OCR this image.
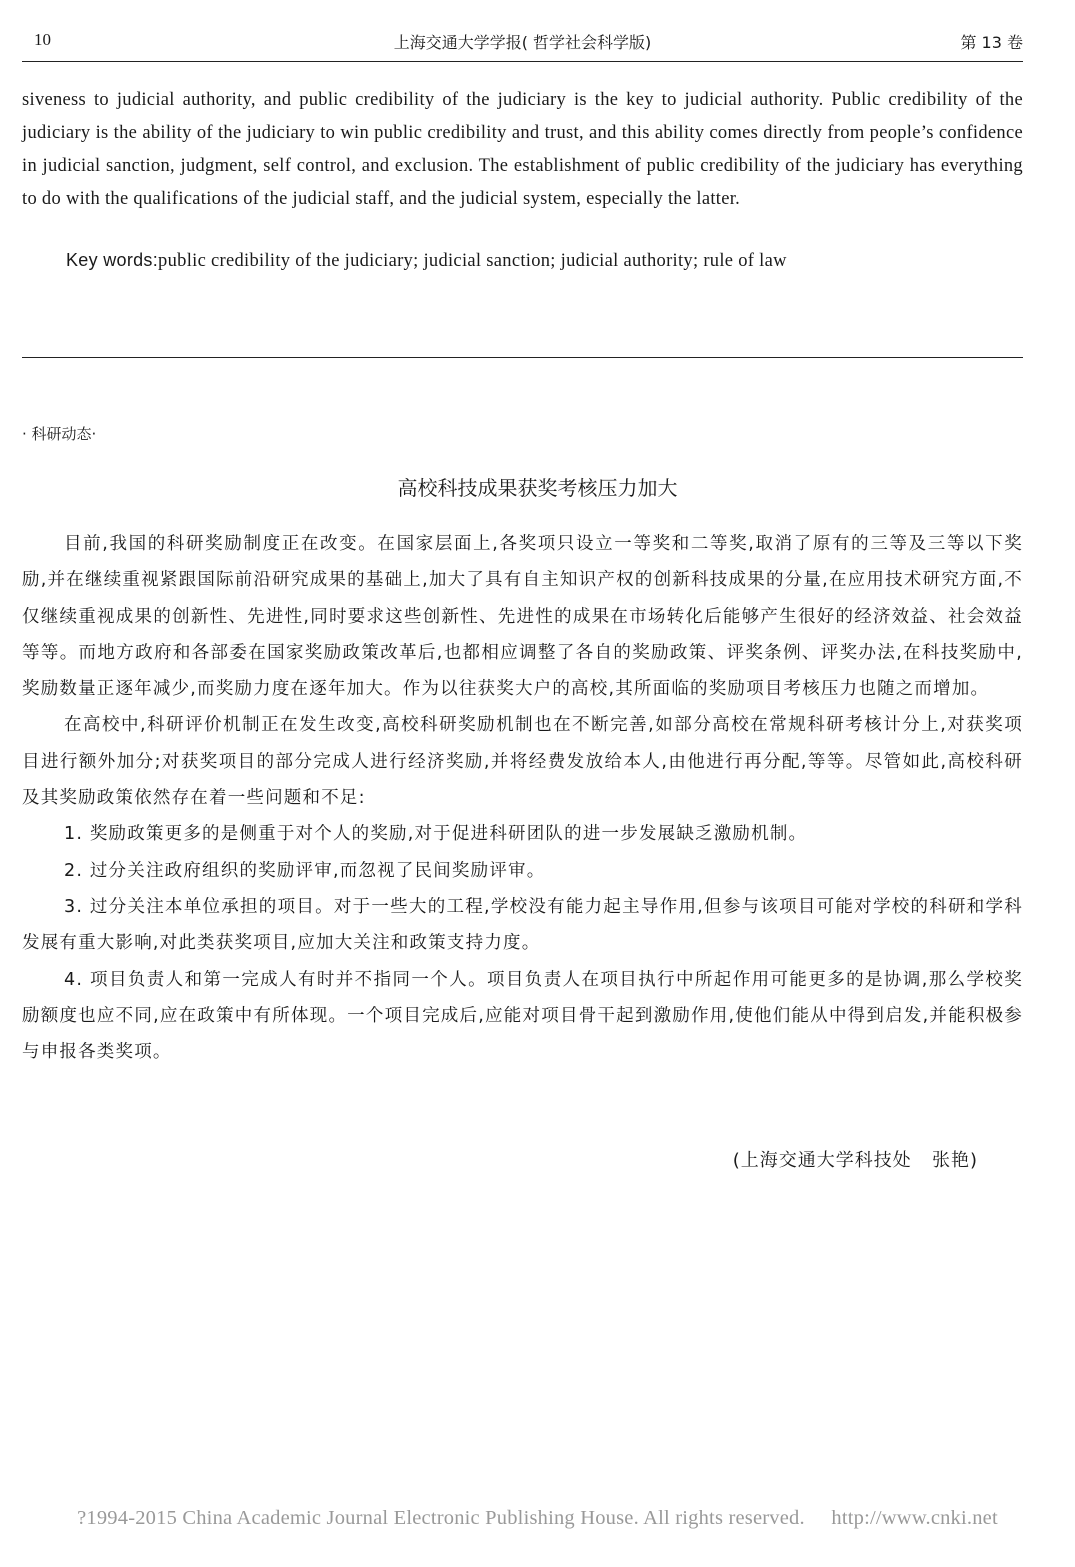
10	上海交通大学学报( 哲学社会科学版)	第 13 卷

siveness to judicial authority, and public credibility of the judiciary is the key to judicial authority. Public credibility of the judiciary is the ability of the judiciary to win public credibility and trust, and this ability comes directly from people’s confidence in judicial sanction, judgment, self control, and exclusion. The establishment of public credibility of the judiciary has everything to do with the qualifications of the judicial staff, and the judicial system, especially the latter.

Key words:public credibility of the judiciary; judicial sanction; judicial authority; rule of law
· 科研动态·
高校科技成果获奖考核压力加大

目前,我国的科研奖励制度正在改变。在国家层面上,各奖项只设立一等奖和二等奖,取消了原有的三等及三等以下奖励,并在继续重视紧跟国际前沿研究成果的基础上,加大了具有自主知识产权的创新科技成果的分量,在应用技术研究方面,不仅继续重视成果的创新性、先进性,同时要求这些创新性、先进性的成果在市场转化后能够产生很好的经济效益、社会效益等等。而地方政府和各部委在国家奖励政策改革后,也都相应调整了各自的奖励政策、评奖条例、评奖办法,在科技奖励中,奖励数量正逐年减少,而奖励力度在逐年加大。作为以往获奖大户的高校,其所面临的奖励项目考核压力也随之而增加。

在高校中,科研评价机制正在发生改变,高校科研奖励机制也在不断完善,如部分高校在常规科研考核计分上,对获奖项目进行额外加分;对获奖项目的部分完成人进行经济奖励,并将经费发放给本人,由他进行再分配,等等。尽管如此,高校科研及其奖励政策依然存在着一些问题和不足:

1. 奖励政策更多的是侧重于对个人的奖励,对于促进科研团队的进一步发展缺乏激励机制。

2. 过分关注政府组织的奖励评审,而忽视了民间奖励评审。

3. 过分关注本单位承担的项目。对于一些大的工程,学校没有能力起主导作用,但参与该项目可能对学校的科研和学科发展有重大影响,对此类获奖项目,应加大关注和政策支持力度。

4. 项目负责人和第一完成人有时并不指同一个人。项目负责人在项目执行中所起作用可能更多的是协调,那么学校奖励额度也应不同,应在政策中有所体现。一个项目完成后,应能对项目骨干起到激励作用,使他们能从中得到启发,并能积极参与申报各类奖项。

(上海交通大学科技处   张艳)
?1994-2015 China Academic Journal Electronic Publishing House. All rights reserved.     http://www.cnki.net
